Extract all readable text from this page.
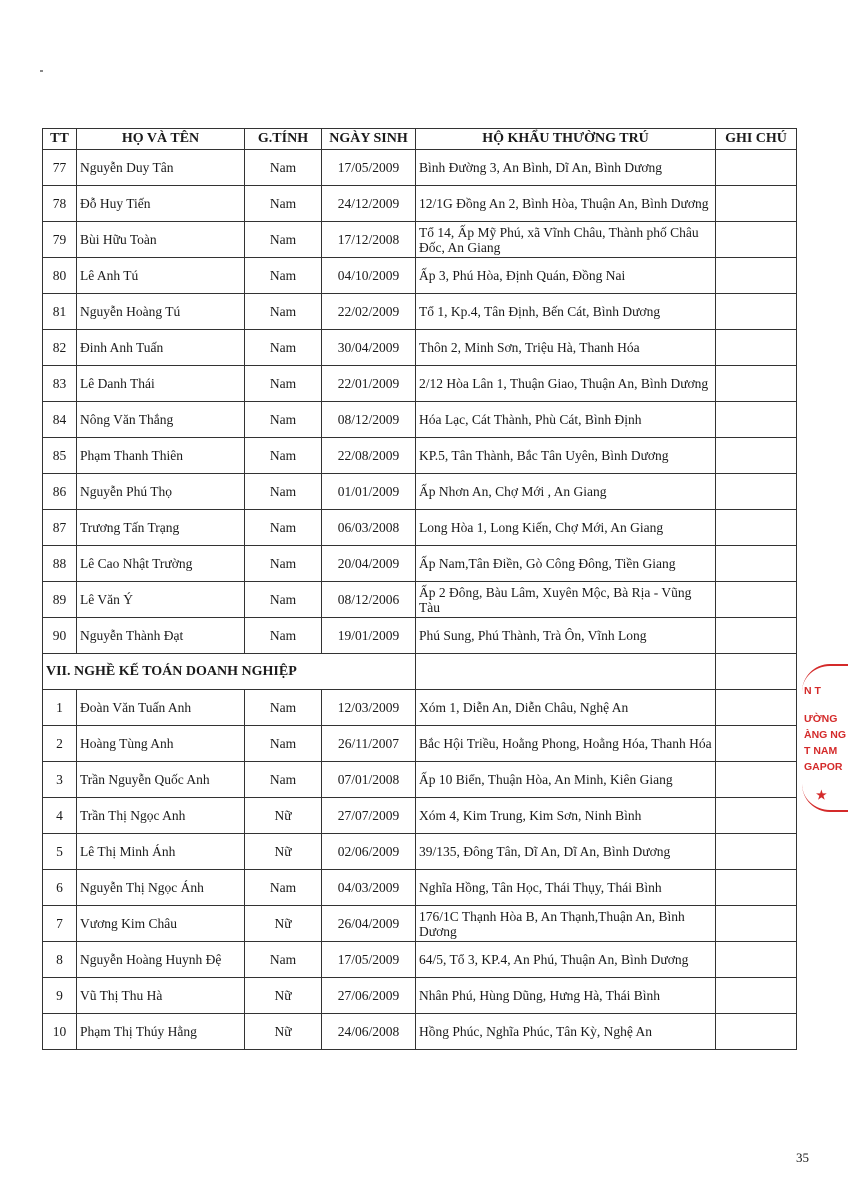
TT	HỌ VÀ TÊN	G.TÍNH	NGÀY SINH	HỘ KHẨU THƯỜNG TRÚ	GHI CHÚ
77	Nguyễn Duy Tân	Nam	17/05/2009	Bình Đường 3, An Bình, Dĩ An, Bình Dương	
78	Đỗ Huy Tiến	Nam	24/12/2009	12/1G Đồng An 2, Bình Hòa, Thuận An, Bình Dương	
79	Bùi Hữu Toàn	Nam	17/12/2008	Tổ 14, Ấp Mỹ Phú, xã Vĩnh Châu, Thành phố Châu Đốc, An Giang	
80	Lê Anh Tú	Nam	04/10/2009	Ấp 3, Phú Hòa, Định Quán, Đồng Nai	
81	Nguyễn Hoàng Tú	Nam	22/02/2009	Tổ 1, Kp.4, Tân Định, Bến Cát, Bình Dương	
82	Đinh Anh Tuấn	Nam	30/04/2009	Thôn 2, Minh Sơn, Triệu Hà, Thanh Hóa	
83	Lê Danh Thái	Nam	22/01/2009	2/12 Hòa Lân 1, Thuận Giao, Thuận An, Bình Dương	
84	Nông Văn Thắng	Nam	08/12/2009	Hóa Lạc, Cát Thành, Phù Cát, Bình Định	
85	Phạm Thanh Thiên	Nam	22/08/2009	KP.5, Tân Thành, Bắc Tân Uyên, Bình Dương	
86	Nguyễn Phú Thọ	Nam	01/01/2009	Ấp Nhơn An, Chợ Mới , An Giang	
87	Trương Tấn Trạng	Nam	06/03/2008	Long Hòa 1, Long Kiến, Chợ Mới, An Giang	
88	Lê Cao Nhật Trường	Nam	20/04/2009	Ấp Nam,Tân Điền, Gò Công Đông, Tiền Giang	
89	Lê Văn Ý	Nam	08/12/2006	Ấp 2 Đông, Bàu Lâm, Xuyên Mộc, Bà Rịa - Vũng Tàu	
90	Nguyễn Thành Đạt	Nam	19/01/2009	Phú Sung, Phú Thành, Trà Ôn, Vĩnh Long	
VII. NGHỀ KẾ TOÁN DOANH NGHIỆP					
1	Đoàn Văn Tuấn Anh	Nam	12/03/2009	Xóm 1, Diễn An, Diễn Châu, Nghệ An	
2	Hoàng Tùng Anh	Nam	26/11/2007	Bắc Hội Triều, Hoằng Phong, Hoằng Hóa, Thanh Hóa	
3	Trần Nguyễn Quốc Anh	Nam	07/01/2008	Ấp 10 Biển, Thuận Hòa, An Minh, Kiên Giang	
4	Trần Thị Ngọc Anh	Nữ	27/07/2009	Xóm 4, Kim Trung, Kim Sơn, Ninh Bình	
5	Lê Thị Minh Ánh	Nữ	02/06/2009	39/135, Đông Tân, Dĩ An, Dĩ An, Bình Dương	
6	Nguyễn Thị Ngọc Ánh	Nam	04/03/2009	Nghĩa Hồng, Tân Học, Thái Thụy, Thái Bình	
7	Vương Kim Châu	Nữ	26/04/2009	176/1C Thạnh Hòa B, An Thạnh,Thuận An, Bình Dương	
8	Nguyễn Hoàng Huynh Đệ	Nam	17/05/2009	64/5, Tổ 3, KP.4, An Phú, Thuận An, Bình Dương	
9	Vũ Thị Thu Hà	Nữ	27/06/2009	Nhân Phú, Hùng Dũng, Hưng Hà, Thái Bình	
10	Phạm Thị Thúy Hằng	Nữ	24/06/2008	Hồng Phúc, Nghĩa Phúc, Tân Kỳ, Nghệ An	
N T
ƯỜNG
ÀNG NG
T NAM
GAPOR
★
35
